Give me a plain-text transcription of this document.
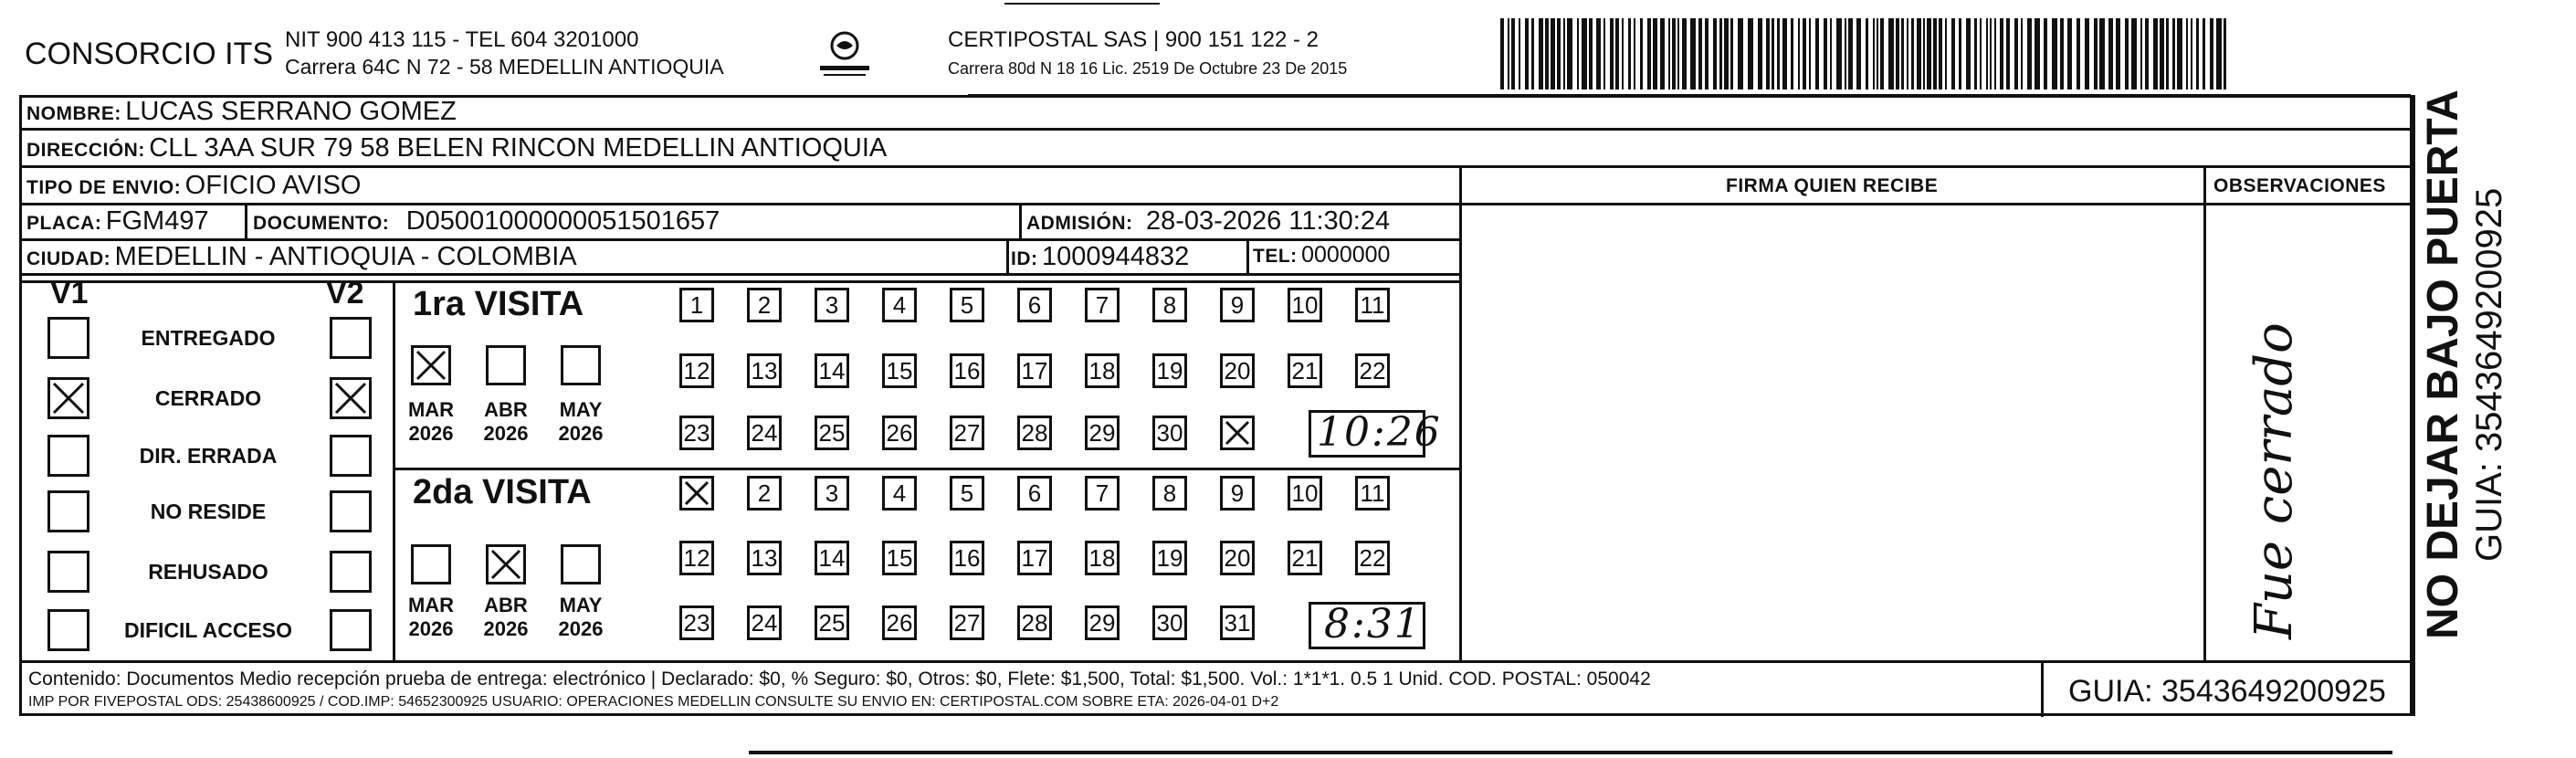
CONSORCIO ITS NIT 900 413 115 - TEL 604 3201000
Carrera 64C N 72 - 58 MEDELLIN ANTIOQUIA
CERTIPOSTAL SAS | 900 151 122 - 2
Carrera 80d N 18 16 Lic. 2519 De Octubre 23 De 2015
NOMBRE: LUCAS SERRANO GOMEZ
DIRECCIÓN: CLL 3AA SUR 79 58 BELEN RINCON MEDELLIN ANTIOQUIA
TIPO DE ENVIO: OFICIO AVISO	FIRMA QUIEN RECIBE	OBSERVACIONES
PLACA: FGM497 DOCUMENTO: D05001000000051501657	ADMISIÓN: 28-03-2026 11:30:24
CIUDAD: MEDELLIN - ANTIOQUIA - COLOMBIA	ID: 1000944832	TEL: 0000000
V1	V2
ENTREGADO
CERRADO
DIR. ERRADA
NO RESIDE
REHUSADO
DIFICIL ACCESO
1ra VISITA
2da VISITA
MAR
2026
ABR
2026
MAY
2026
1	2	3	4	5	6	7	8	9	10 11
12 13 14 15 16 17 18 19 20 21 22
23 24 25 26 27 28 29 30
MAR
2026
ABR
2026
MAY
2026
2	3	4	5	6	7	8	9	10 11
12 13 14 15 16 17 18 19 20 21 22
23 24 25 26 27 28 29 30 31
10:26
8:31	Fue cerrado	NO DEJAR BAJO PUERTA GUIA: 3543649200925
Contenido: Documentos Medio recepción prueba de entrega: electrónico | Declarado: $0, % Seguro: $0, Otros: $0, Flete: $1,500, Total: $1,500. Vol.: 1*1*1. 0.5 1 Unid. COD. POSTAL: 050042
IMP POR FIVEPOSTAL ODS: 25438600925 / COD.IMP: 54652300925 USUARIO: OPERACIONES MEDELLIN CONSULTE SU ENVIO EN: CERTIPOSTAL.COM SOBRE ETA: 2026-04-01 D+2	GUIA: 3543649200925
